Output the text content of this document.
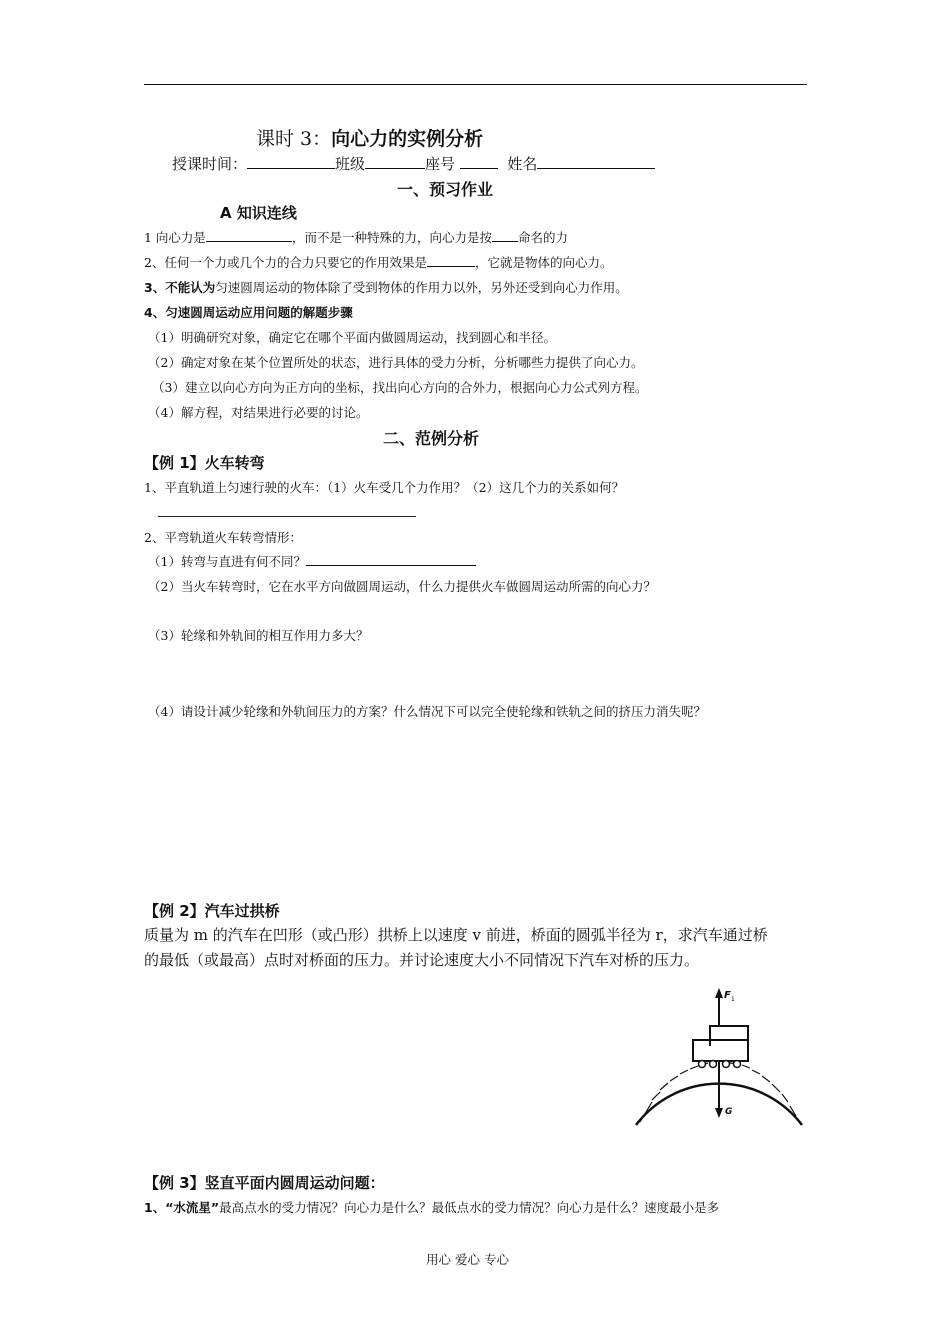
课时 3：向心力的实例分析
授课时间：	班级	座号	姓名
一、预习作业
A 知识连线
1 向心力是	，而不是一种特殊的力，向心力是按 命名的力
2、任何一个力或几个力的合力只要它的作用效果是	，它就是物体的向心力。
3、不能认为匀速圆周运动的物体除了受到物体的作用力以外，另外还受到向心力作用。
4、匀速圆周运动应用问题的解题步骤
（1）明确研究对象，确定它在哪个平面内做圆周运动，找到圆心和半径。
（2）确定对象在某个位置所处的状态，进行具体的受力分析，分析哪些力提供了向心力。
（3）建立以向心方向为正方向的坐标，找出向心方向的合外力，根据向心力公式列方程。
（4）解方程，对结果进行必要的讨论。
二、范例分析
【例 1】火车转弯
1、平直轨道上匀速行驶的火车：（1）火车受几个力作用？（2）这几个力的关系如何？
2、平弯轨道火车转弯情形：
（1）转弯与直进有何不同？
（2）当火车转弯时，它在水平方向做圆周运动，什么力提供火车做圆周运动所需的向心力？
（3）轮缘和外轨间的相互作用力多大？
（4）请设计减少轮缘和外轨间压力的方案？什么情况下可以完全使轮缘和铁轨之间的挤压力消失呢？
【例 2】汽车过拱桥
质量为 m 的汽车在凹形（或凸形）拱桥上以速度 v 前进，桥面的圆弧半径为 r，求汽车通过桥
的最低（或最高）点时对桥面的压力。并讨论速度大小不同情况下汽车对桥的压力。
F 1
G
【例 3】竖直平面内圆周运动问题：
1、“水流星”最高点水的受力情况？向心力是什么？最低点水的受力情况？向心力是什么？速度最小是多
用心 爱心 专心
